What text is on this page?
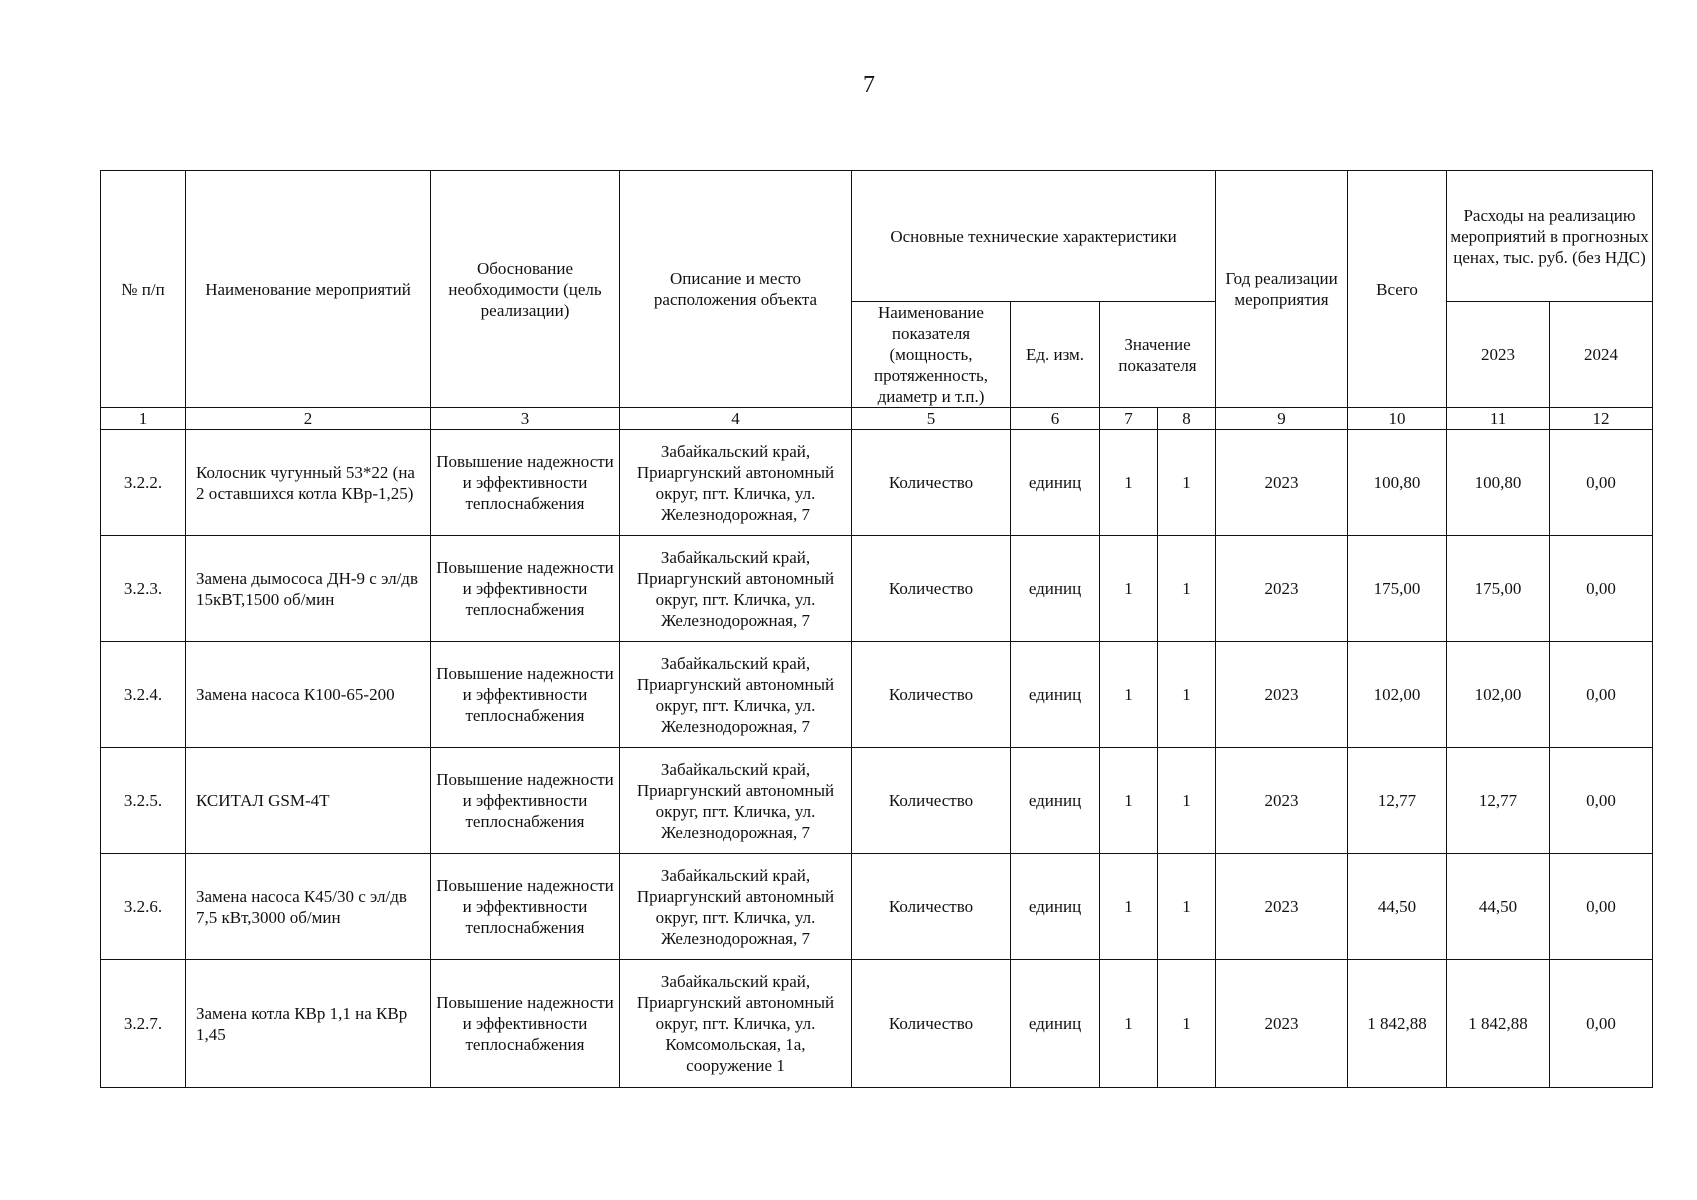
7
№ п/п	Наименование мероприятий	Обоснование необходимости (цель реализации)	Описание и место расположения объекта	Основные технические характеристики				Год реализации мероприятия	Всего	Расходы на реализацию мероприятий в прогнозных ценах, тыс. руб. (без НДС)	
				Наименование показателя (мощность, протяженность, диаметр и т.п.)	Ед. изм.	Значение показателя				2023	2024
1	2	3	4	5	6	7	8	9	10	11	12
3.2.2.	Колосник чугунный 53*22 (на 2 оставшихся котла КВр-1,25)	Повышение надежности и эффективности теплоснабжения	Забайкальский край, Приаргунский автономный округ, пгт. Кличка, ул. Железнодорожная, 7	Количество	единиц	1	1	2023	100,80	100,80	0,00
3.2.3.	Замена дымососа ДН-9 с эл/дв 15кВТ,1500 об/мин	Повышение надежности и эффективности теплоснабжения	Забайкальский край, Приаргунский автономный округ, пгт. Кличка, ул. Железнодорожная, 7	Количество	единиц	1	1	2023	175,00	175,00	0,00
3.2.4.	Замена насоса К100-65-200	Повышение надежности и эффективности теплоснабжения	Забайкальский край, Приаргунский автономный округ, пгт. Кличка, ул. Железнодорожная, 7	Количество	единиц	1	1	2023	102,00	102,00	0,00
3.2.5.	КСИТАЛ GSM-4T	Повышение надежности и эффективности теплоснабжения	Забайкальский край, Приаргунский автономный округ, пгт. Кличка, ул. Железнодорожная, 7	Количество	единиц	1	1	2023	12,77	12,77	0,00
3.2.6.	Замена насоса К45/30 с эл/дв 7,5 кВт,3000 об/мин	Повышение надежности и эффективности теплоснабжения	Забайкальский край, Приаргунский автономный округ, пгт. Кличка, ул. Железнодорожная, 7	Количество	единиц	1	1	2023	44,50	44,50	0,00
3.2.7.	Замена котла КВр 1,1 на КВр 1,45	Повышение надежности и эффективности теплоснабжения	Забайкальский край, Приаргунский автономный округ, пгт. Кличка, ул. Комсомольская, 1а, сооружение 1	Количество	единиц	1	1	2023	1 842,88	1 842,88	0,00
